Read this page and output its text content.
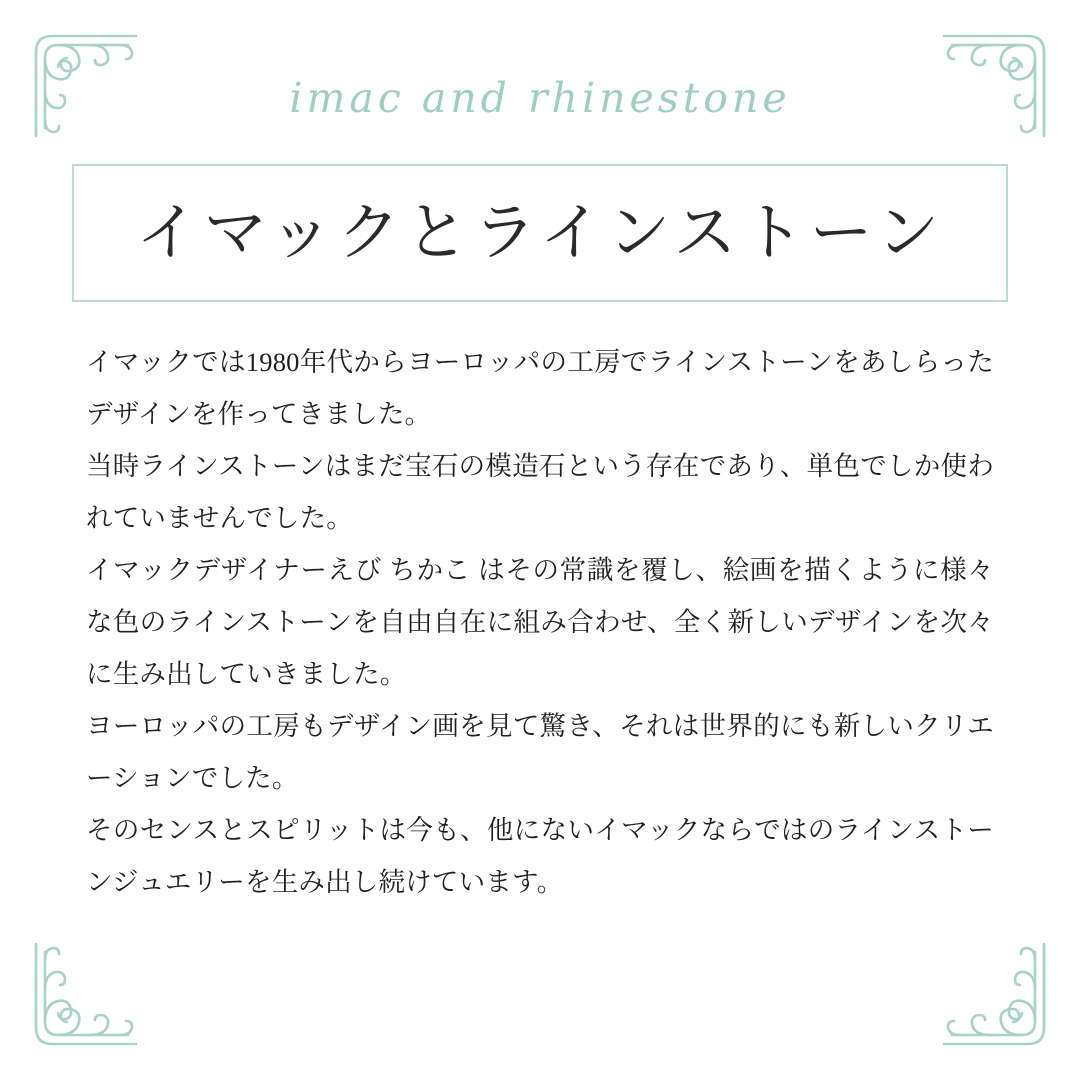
imac and rhinestone
イマックとラインストーン

イマックでは1980年代からヨーロッパの工房でラインストーンをあしらったデザインを作ってきました。

当時ラインストーンはまだ宝石の模造石という存在であり、単色でしか使われていませんでした。

イマックデザイナーえび ちかこ はその常識を覆し、絵画を描くように様々な色のラインストーンを自由自在に組み合わせ、全く新しいデザインを次々に生み出していきました。

ヨーロッパの工房もデザイン画を見て驚き、それは世界的にも新しいクリエーションでした。

そのセンスとスピリットは今も、他にないイマックならではのラインストーンジュエリーを生み出し続けています。
